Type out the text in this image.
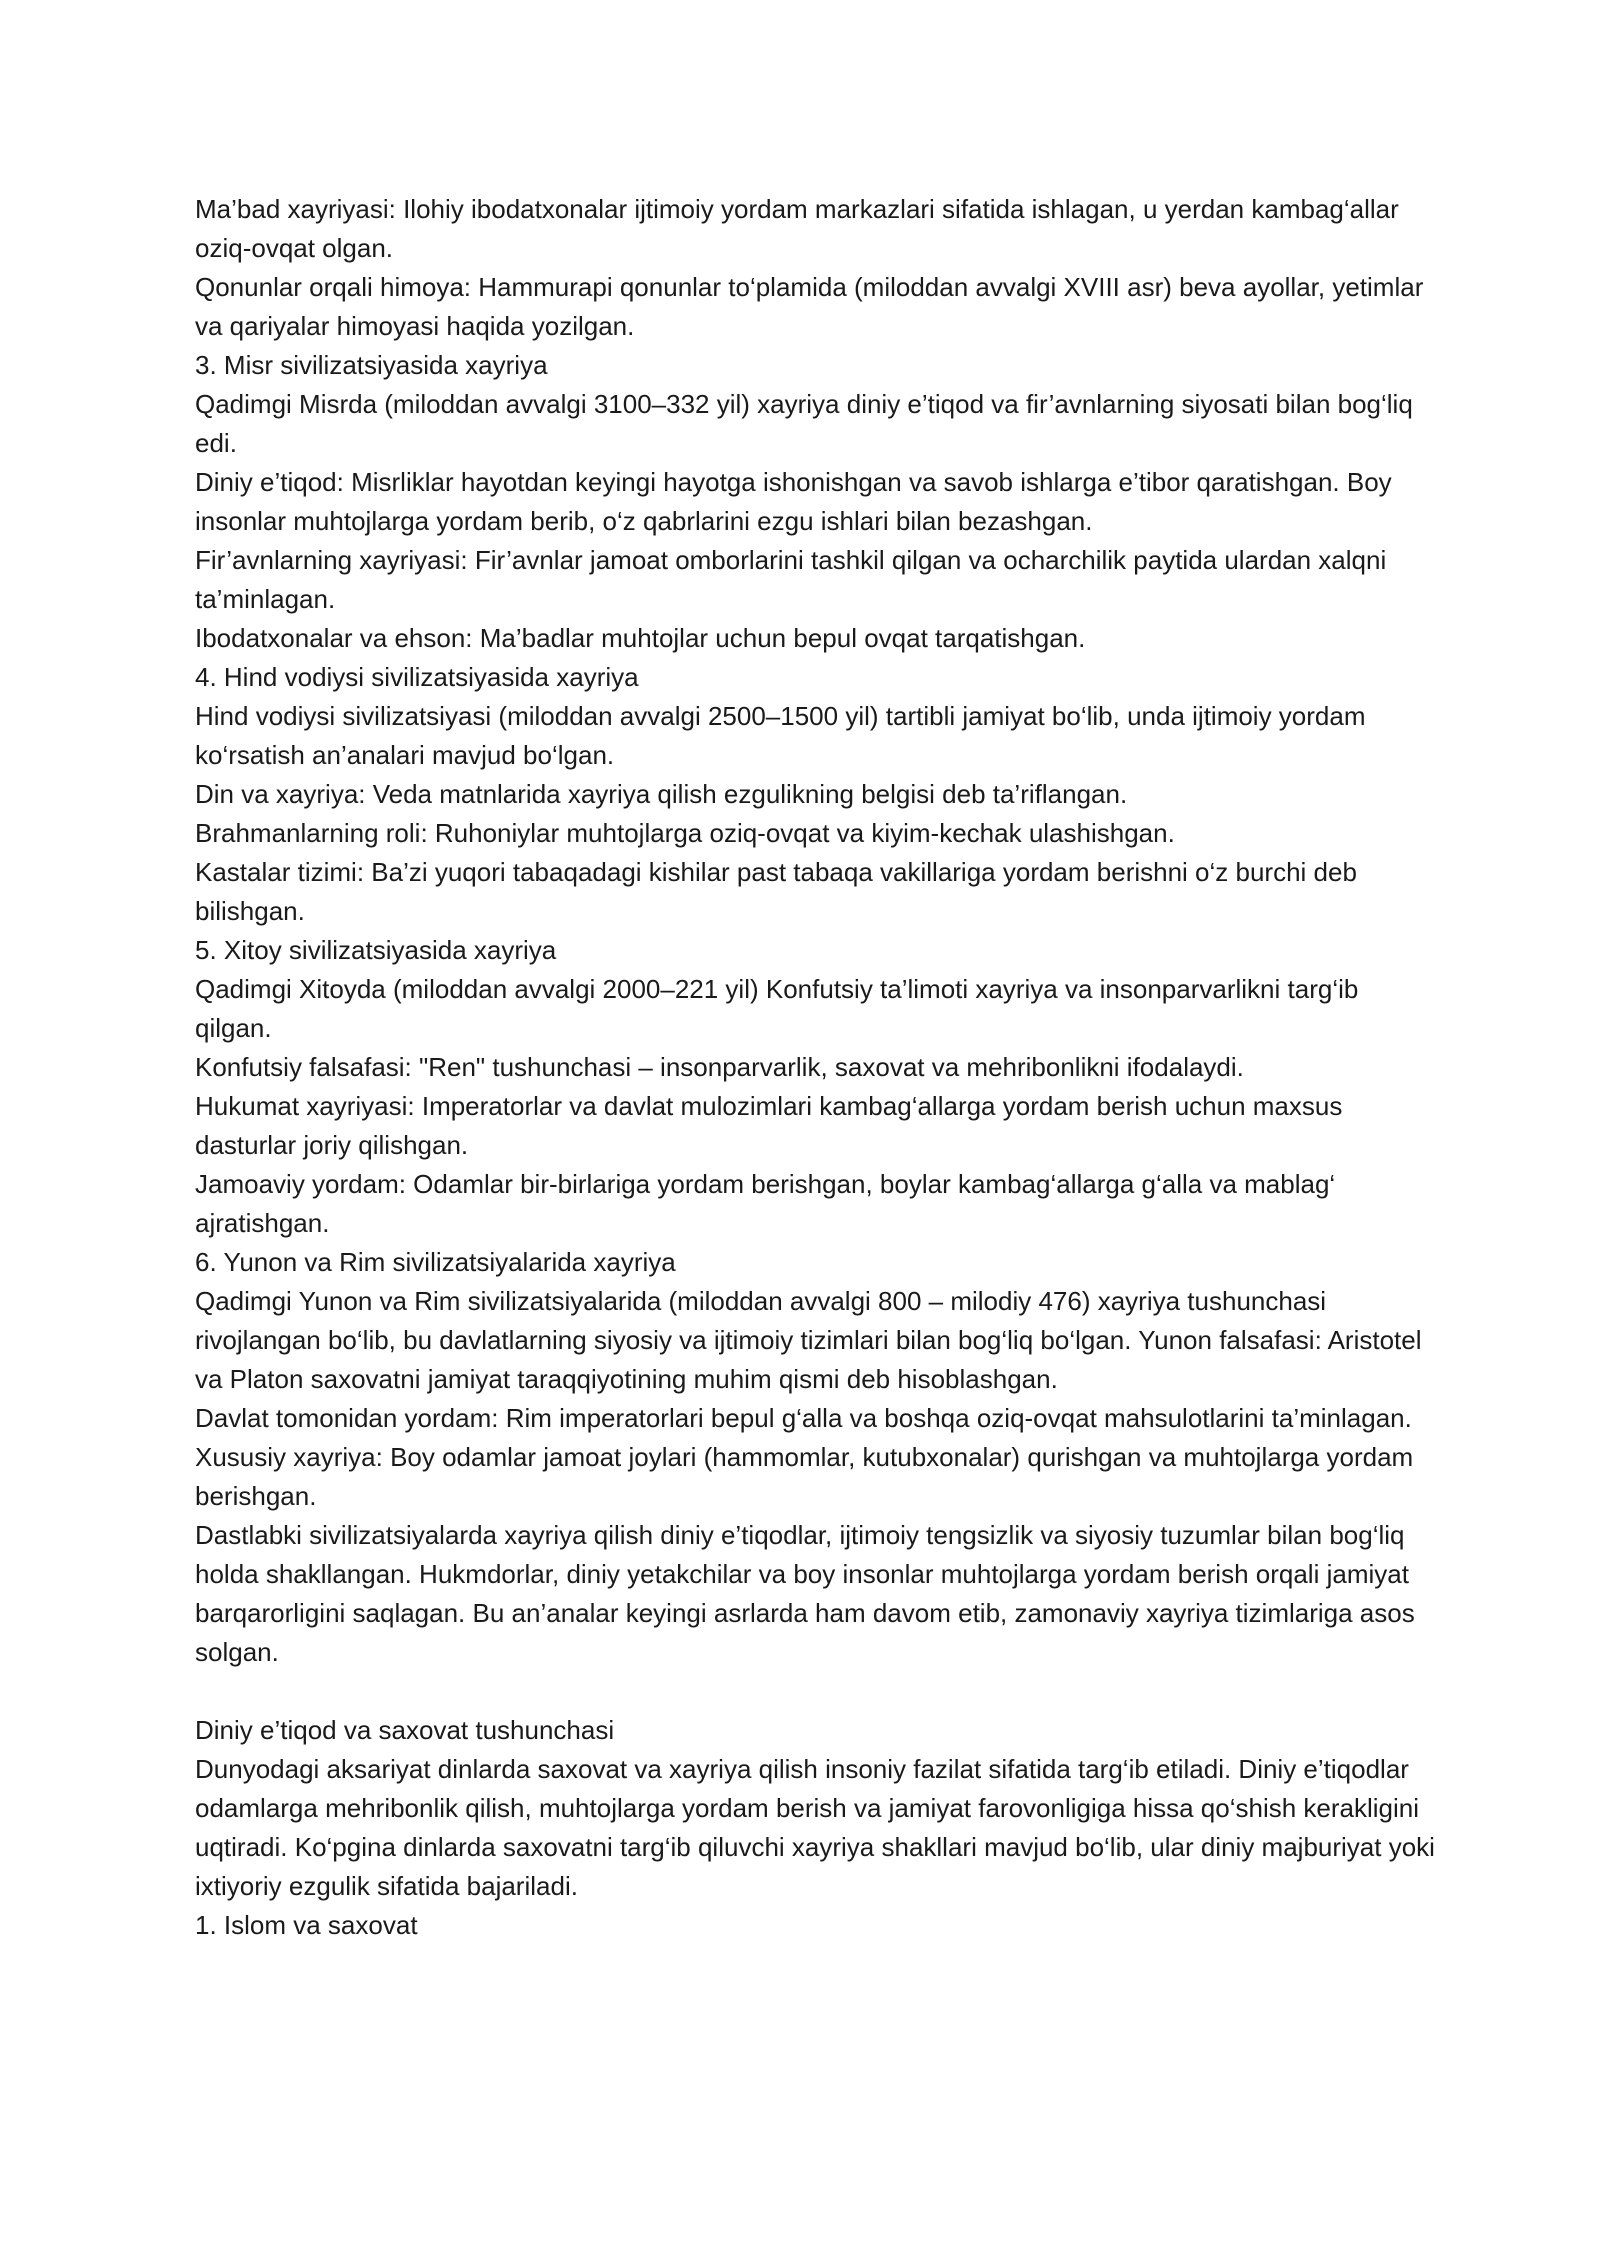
Ma’bad xayriyasi: Ilohiy ibodatxonalar ijtimoiy yordam markazlari sifatida ishlagan, u yerdan kambag‘allar oziq-ovqat olgan.

Qonunlar orqali himoya: Hammurapi qonunlar to‘plamida (miloddan avvalgi XVIII asr) beva ayollar, yetimlar va qariyalar himoyasi haqida yozilgan.

3. Misr sivilizatsiyasida xayriya

Qadimgi Misrda (miloddan avvalgi 3100–332 yil) xayriya diniy e’tiqod va fir’avnlarning siyosati bilan bog‘liq edi.

Diniy e’tiqod: Misrliklar hayotdan keyingi hayotga ishonishgan va savob ishlarga e’tibor qaratishgan. Boy insonlar muhtojlarga yordam berib, o‘z qabrlarini ezgu ishlari bilan bezashgan.

Fir’avnlarning xayriyasi: Fir’avnlar jamoat omborlarini tashkil qilgan va ocharchilik paytida ulardan xalqni ta’minlagan.

Ibodatxonalar va ehson: Ma’badlar muhtojlar uchun bepul ovqat tarqatishgan.

4. Hind vodiysi sivilizatsiyasida xayriya

Hind vodiysi sivilizatsiyasi (miloddan avvalgi 2500–1500 yil) tartibli jamiyat bo‘lib, unda ijtimoiy yordam ko‘rsatish an’analari mavjud bo‘lgan.

Din va xayriya: Veda matnlarida xayriya qilish ezgulikning belgisi deb ta’riflangan.

Brahmanlarning roli: Ruhoniylar muhtojlarga oziq-ovqat va kiyim-kechak ulashishgan.

Kastalar tizimi: Ba’zi yuqori tabaqadagi kishilar past tabaqa vakillariga yordam berishni o‘z burchi deb bilishgan.

5. Xitoy sivilizatsiyasida xayriya

Qadimgi Xitoyda (miloddan avvalgi 2000–221 yil) Konfutsiy ta’limoti xayriya va insonparvarlikni targ‘ib qilgan.

Konfutsiy falsafasi: "Ren" tushunchasi – insonparvarlik, saxovat va mehribonlikni ifodalaydi.

Hukumat xayriyasi: Imperatorlar va davlat mulozimlari kambag‘allarga yordam berish uchun maxsus dasturlar joriy qilishgan.

Jamoaviy yordam: Odamlar bir-birlariga yordam berishgan, boylar kambag‘allarga g‘alla va mablag‘ ajratishgan.

6. Yunon va Rim sivilizatsiyalarida xayriya

Qadimgi Yunon va Rim sivilizatsiyalarida (miloddan avvalgi 800 – milodiy 476) xayriya tushunchasi rivojlangan bo‘lib, bu davlatlarning siyosiy va ijtimoiy tizimlari bilan bog‘liq bo‘lgan. Yunon falsafasi: Aristotel va Platon saxovatni jamiyat taraqqiyotining muhim qismi deb hisoblashgan.

Davlat tomonidan yordam: Rim imperatorlari bepul g‘alla va boshqa oziq-ovqat mahsulotlarini ta’minlagan.

Xususiy xayriya: Boy odamlar jamoat joylari (hammomlar, kutubxonalar) qurishgan va muhtojlarga yordam berishgan.

Dastlabki sivilizatsiyalarda xayriya qilish diniy e’tiqodlar, ijtimoiy tengsizlik va siyosiy tuzumlar bilan bog‘liq holda shakllangan. Hukmdorlar, diniy yetakchilar va boy insonlar muhtojlarga yordam berish orqali jamiyat barqarorligini saqlagan. Bu an’analar keyingi asrlarda ham davom etib, zamonaviy xayriya tizimlariga asos solgan.

Diniy e’tiqod va saxovat tushunchasi

Dunyodagi aksariyat dinlarda saxovat va xayriya qilish insoniy fazilat sifatida targ‘ib etiladi. Diniy e’tiqodlar odamlarga mehribonlik qilish, muhtojlarga yordam berish va jamiyat farovonligiga hissa qo‘shish kerakligini uqtiradi. Ko‘pgina dinlarda saxovatni targ‘ib qiluvchi xayriya shakllari mavjud bo‘lib, ular diniy majburiyat yoki ixtiyoriy ezgulik sifatida bajariladi.

1. Islom va saxovat
